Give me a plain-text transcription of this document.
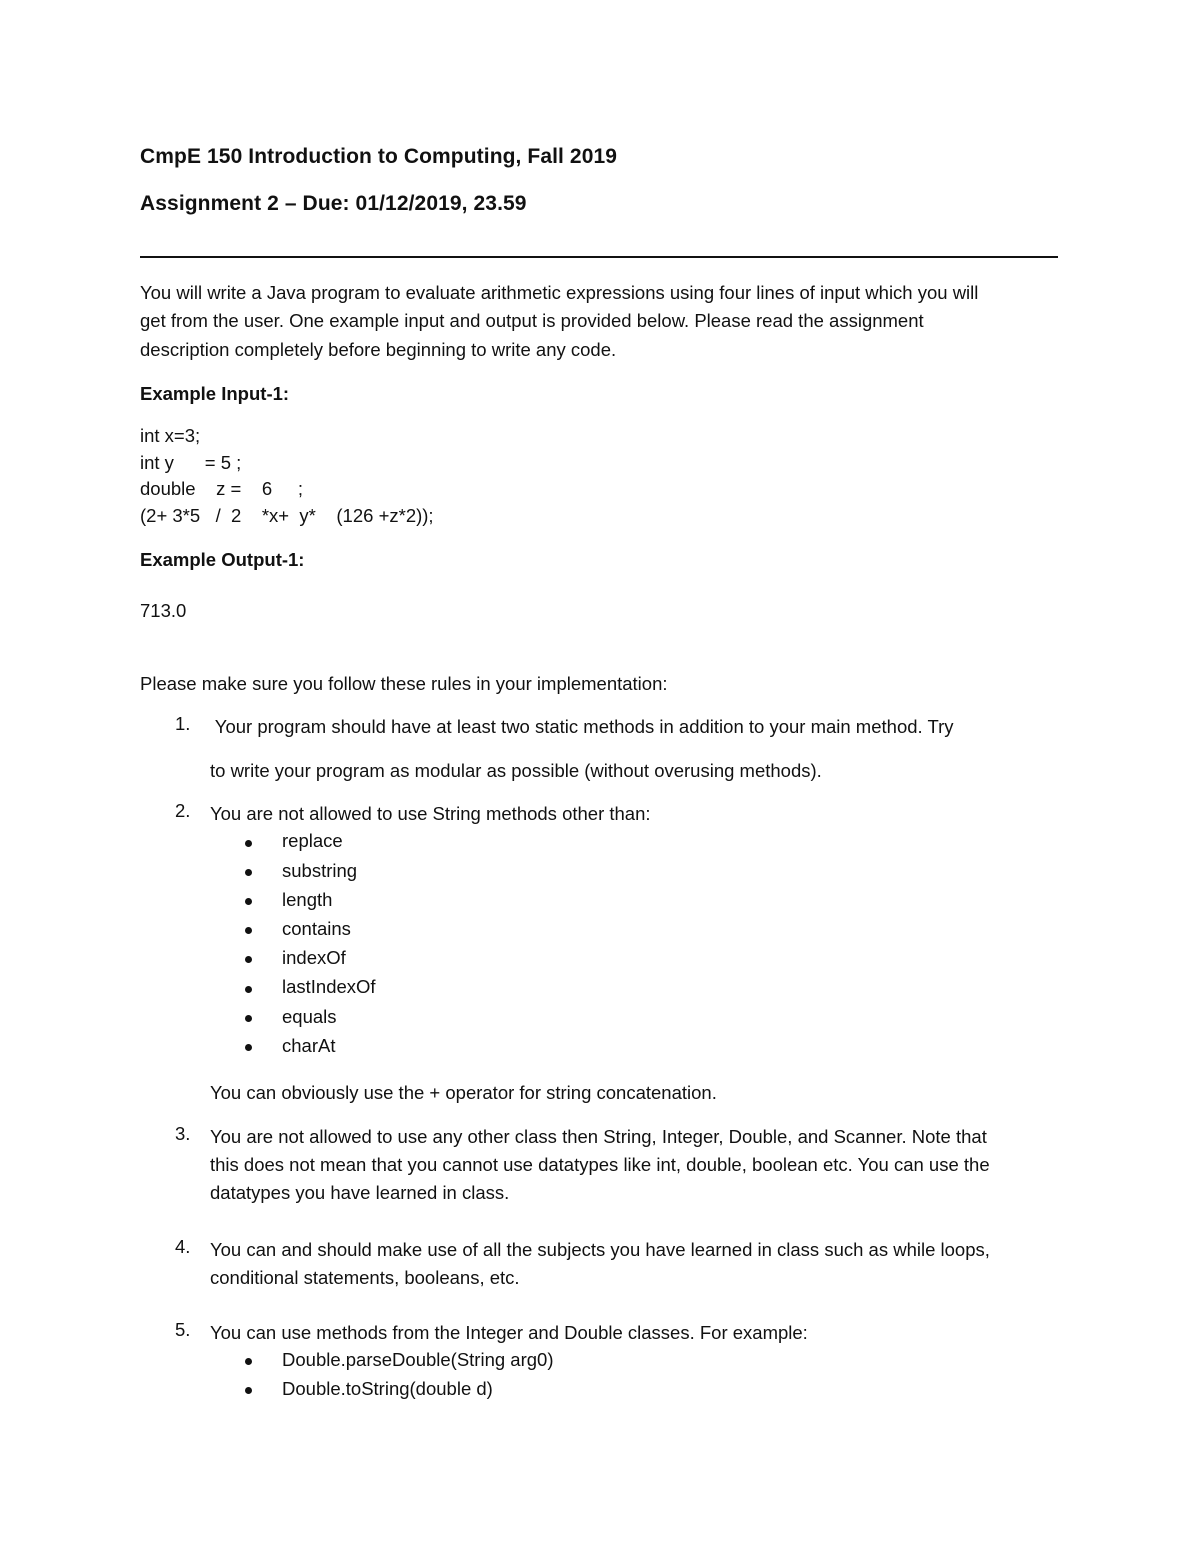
CmpE 150 Introduction to Computing, Fall 2019
Assignment 2 – Due: 01/12/2019, 23.59
You will write a Java program to evaluate arithmetic expressions using four lines of input which you will
get from the user. One example input and output is provided below. Please read the assignment
description completely before beginning to write any code.
Example Input-1:
int x=3;
int y      = 5 ;
double    z =    6     ;
(2+ 3*5   /  2    *x+  y*    (126 +z*2));
Example Output-1:
713.0
Please make sure you follow these rules in your implementation:
1. Your program should have at least two static methods in addition to your main method. Try
to write your program as modular as possible (without overusing methods).
2. You are not allowed to use String methods other than:
replace
substring
length
contains
indexOf
lastIndexOf
equals
charAt
You can obviously use the + operator for string concatenation.
3. You are not allowed to use any other class then String, Integer, Double, and Scanner. Note that
this does not mean that you cannot use datatypes like int, double, boolean etc. You can use the
datatypes you have learned in class.
4. You can and should make use of all the subjects you have learned in class such as while loops,
conditional statements, booleans, etc.
5. You can use methods from the Integer and Double classes. For example:
Double.parseDouble(String arg0)
Double.toString(double d)
